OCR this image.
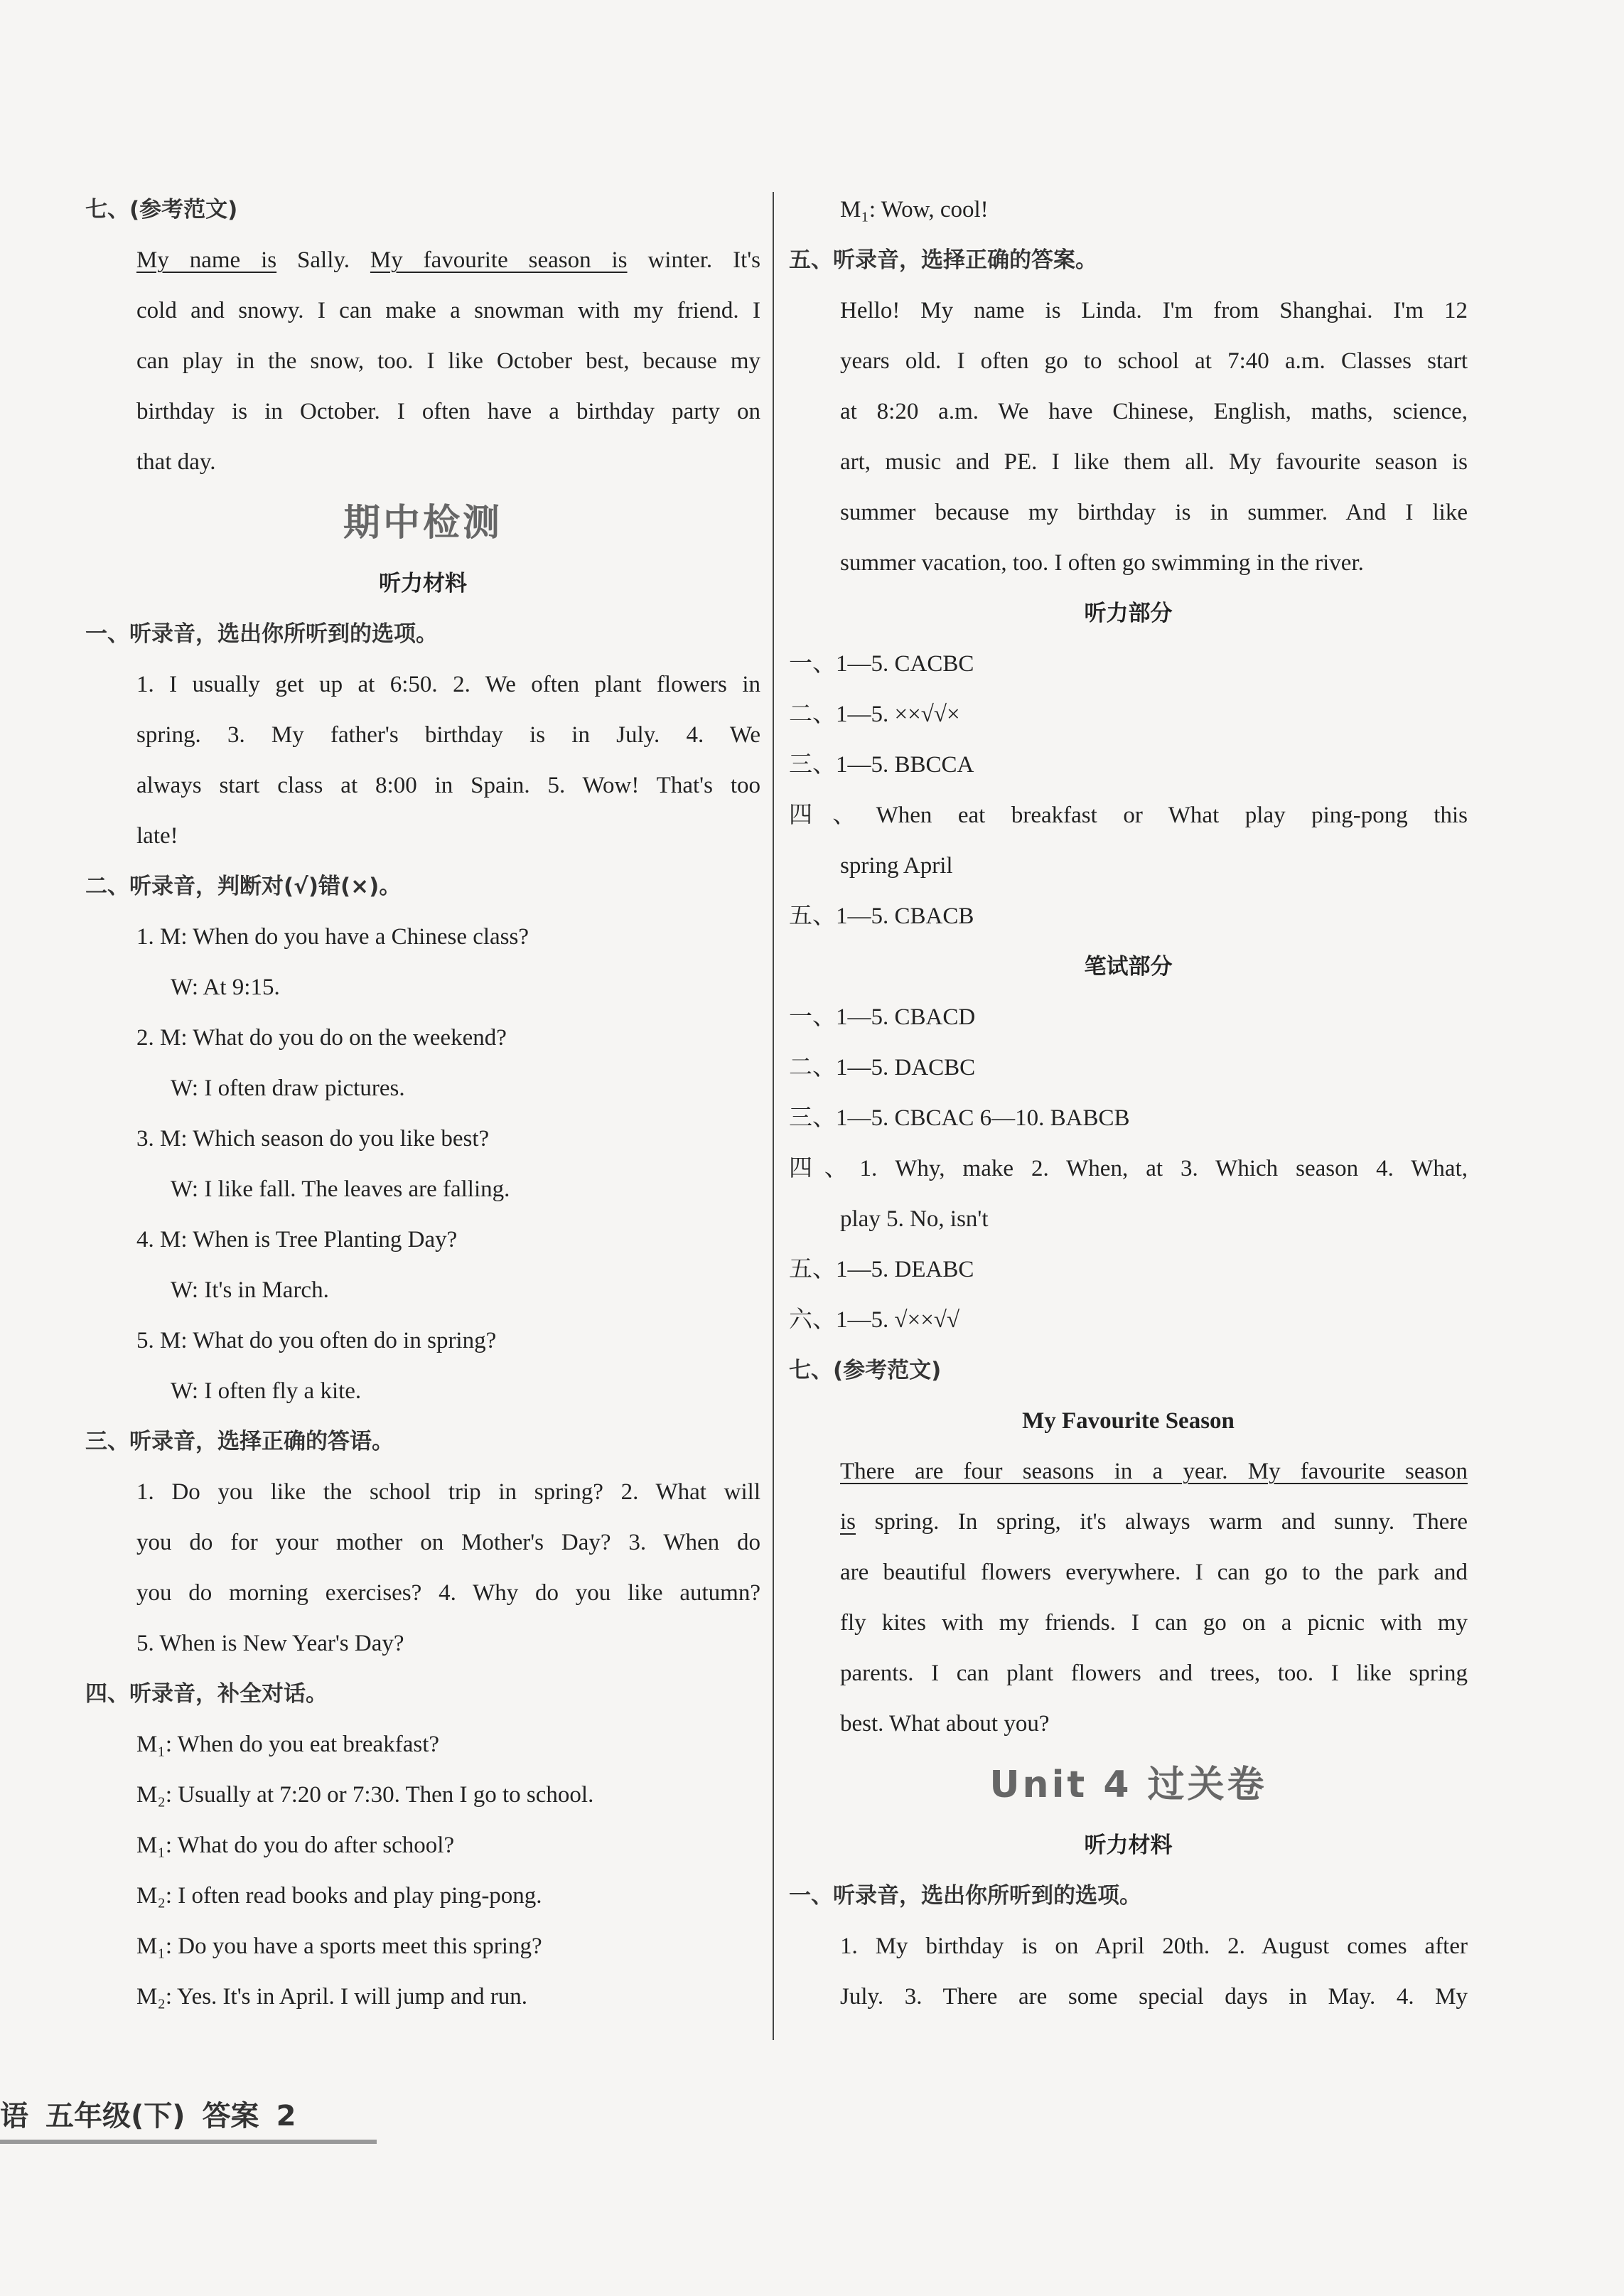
七、(参考范文)
My name is Sally. My favourite season is winter. It's
cold and snowy. I can make a snowman with my friend. I
can play in the snow, too. I like October best, because my
birthday is in October. I often have a birthday party on
that day.
期中检测
听力材料
一、听录音，选出你所听到的选项。
1. I usually get up at 6:50. 2. We often plant flowers in
spring. 3. My father's birthday is in July. 4. We
always start class at 8:00 in Spain. 5. Wow! That's too
late!
二、听录音，判断对(√)错(×)。
1. M: When do you have a Chinese class?
W: At 9:15.
2. M: What do you do on the weekend?
W: I often draw pictures.
3. M: Which season do you like best?
W: I like fall. The leaves are falling.
4. M: When is Tree Planting Day?
W: It's in March.
5. M: What do you often do in spring?
W: I often fly a kite.
三、听录音，选择正确的答语。
1. Do you like the school trip in spring? 2. What will
you do for your mother on Mother's Day? 3. When do
you do morning exercises? 4. Why do you like autumn?
5. When is New Year's Day?
四、听录音，补全对话。
M₁: When do you eat breakfast?
M₂: Usually at 7:20 or 7:30. Then I go to school.
M₁: What do you do after school?
M₂: I often read books and play ping-pong.
M₁: Do you have a sports meet this spring?
M₂: Yes. It's in April. I will jump and run.
M₁: Wow, cool!
五、听录音，选择正确的答案。
Hello! My name is Linda. I'm from Shanghai. I'm 12
years old. I often go to school at 7:40 a.m. Classes start
at 8:20 a.m. We have Chinese, English, maths, science,
art, music and PE. I like them all. My favourite season is
summer because my birthday is in summer. And I like
summer vacation, too. I often go swimming in the river.
听力部分
一、1—5. CACBC
二、1—5. ××√√×
三、1—5. BBCCA
四、When eat breakfast or What play ping-pong this
spring April
五、1—5. CBACB
笔试部分
一、1—5. CBACD
二、1—5. DACBC
三、1—5. CBCAC 6—10. BABCB
四、1. Why, make 2. When, at 3. Which season 4. What,
play 5. No, isn't
五、1—5. DEABC
六、1—5. √××√√
七、(参考范文)
My Favourite Season
There are four seasons in a year. My favourite season
is spring. In spring, it's always warm and sunny. There
are beautiful flowers everywhere. I can go to the park and
fly kites with my friends. I can go on a picnic with my
parents. I can plant flowers and trees, too. I like spring
best. What about you?
Unit 4 过关卷
听力材料
一、听录音，选出你所听到的选项。
1. My birthday is on April 20th. 2. August comes after
July. 3. There are some special days in May. 4. My
语 五年级(下) 答案 2
